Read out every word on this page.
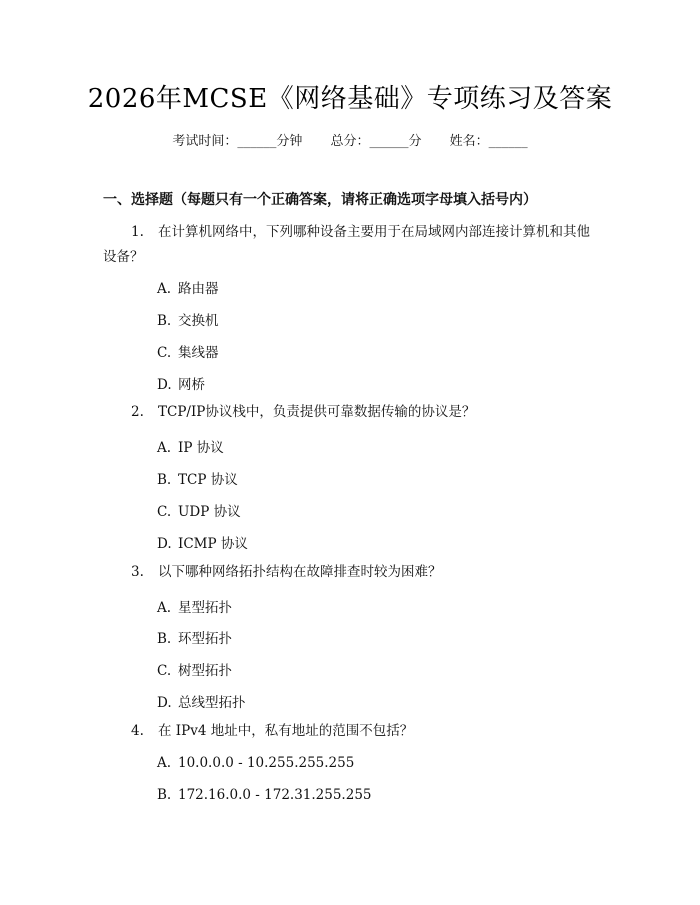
2026年MCSE《网络基础》专项练习及答案
考试时间：______分钟 总分：______分 姓名：______
一、选择题（每题只有一个正确答案，请将正确选项字母填入括号内）
1. 在计算机网络中，下列哪种设备主要用于在局域网内部连接计算机和其他
设备？
A. 路由器
B. 交换机
C. 集线器
D. 网桥
2. TCP/IP协议栈中，负责提供可靠数据传输的协议是？
A. IP 协议
B. TCP 协议
C. UDP 协议
D. ICMP 协议
3. 以下哪种网络拓扑结构在故障排查时较为困难？
A. 星型拓扑
B. 环型拓扑
C. 树型拓扑
D. 总线型拓扑
4. 在 IPv4 地址中，私有地址的范围不包括？
A. 10.0.0.0 - 10.255.255.255
B. 172.16.0.0 - 172.31.255.255
